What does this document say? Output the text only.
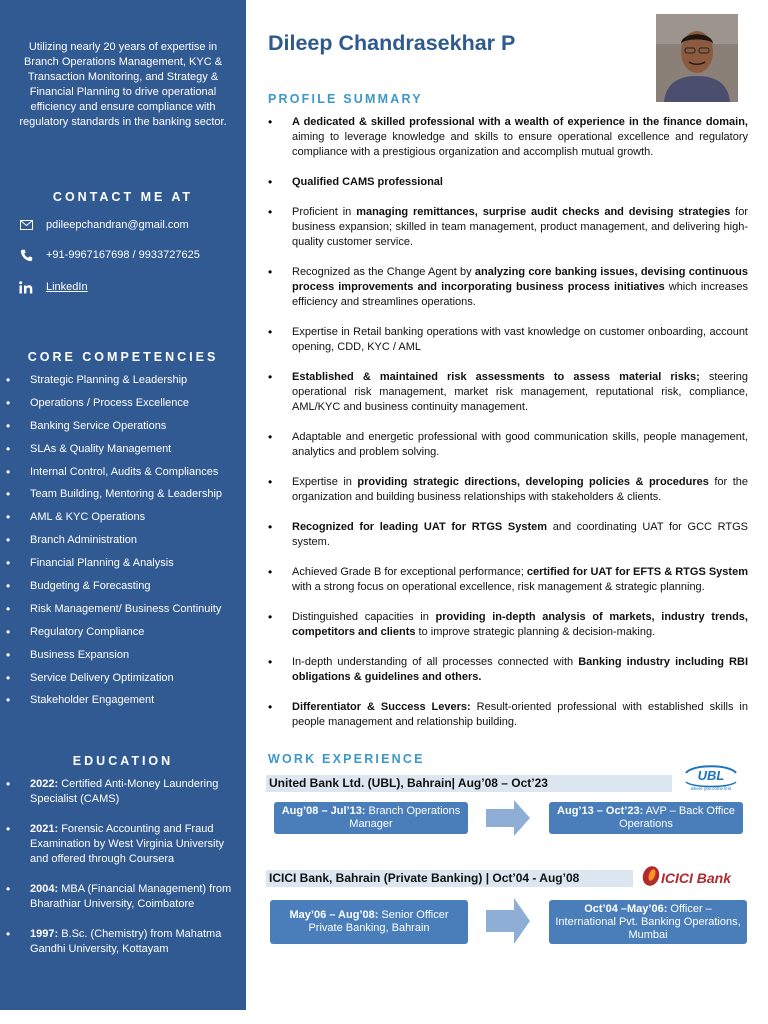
Utilizing nearly 20 years of expertise in Branch Operations Management, KYC & Transaction Monitoring, and Strategy & Financial Planning to drive operational efficiency and ensure compliance with regulatory standards in the banking sector.
CONTACT ME AT
pdileepchandran@gmail.com
+91-9967167698 / 9933727625
LinkedIn
CORE COMPETENCIES
• Strategic Planning & Leadership
• Operations / Process Excellence
• Banking Service Operations
• SLAs & Quality Management
• Internal Control, Audits & Compliances
• Team Building, Mentoring & Leadership
• AML & KYC Operations
• Branch Administration
• Financial Planning & Analysis
• Budgeting & Forecasting
• Risk Management/ Business Continuity
• Regulatory Compliance
• Business Expansion
• Service Delivery Optimization
• Stakeholder Engagement
EDUCATION
• 2022: Certified Anti-Money Laundering Specialist (CAMS)
• 2021: Forensic Accounting and Fraud Examination by West Virginia University and offered through Coursera
• 2004: MBA (Financial Management) from Bharathiar University, Coimbatore
• 1997: B.Sc. (Chemistry) from Mahatma Gandhi University, Kottayam
Dileep Chandrasekhar P
PROFILE SUMMARY
• A dedicated & skilled professional with a wealth of experience in the finance domain, aiming to leverage knowledge and skills to ensure operational excellence and regulatory compliance with a prestigious organization and accomplish mutual growth.
• Qualified CAMS professional
• Proficient in managing remittances, surprise audit checks and devising strategies for business expansion; skilled in team management, product management, and delivering high-quality customer service.
• Recognized as the Change Agent by analyzing core banking issues, devising continuous process improvements and incorporating business process initiatives which increases efficiency and streamlines operations.
• Expertise in Retail banking operations with vast knowledge on customer onboarding, account opening, CDD, KYC / AML
• Established & maintained risk assessments to assess material risks; steering operational risk management, market risk management, reputational risk, compliance, AML/KYC and business continuity management.
• Adaptable and energetic professional with good communication skills, people management, analytics and problem solving.
• Expertise in providing strategic directions, developing policies & procedures for the organization and building business relationships with stakeholders & clients.
• Recognized for leading UAT for RTGS System and coordinating UAT for GCC RTGS system.
• Achieved Grade B for exceptional performance; certified for UAT for EFTS & RTGS System with a strong focus on operational excellence, risk management & strategic planning.
• Distinguished capacities in providing in-depth analysis of markets, industry trends, competitors and clients to improve strategic planning & decision-making.
• In-depth understanding of all processes connected with Banking industry including RBI obligations & guidelines and others.
• Differentiator & Success Levers: Result-oriented professional with established skills in people management and relationship building.
WORK EXPERIENCE
United Bank Ltd. (UBL), Bahrain| Aug’08 – Oct’23	UBL
where you come first
Aug’08 – Jul’13: Branch Operations Manager
Aug’13 – Oct’23: AVP – Back Office Operations
ICICI Bank, Bahrain (Private Banking) | Oct’04 - Aug’08	ICICI Bank
May’06 – Aug’08: Senior Officer Private Banking, Bahrain
Oct’04 –May’06: Officer – International Pvt. Banking Operations, Mumbai
